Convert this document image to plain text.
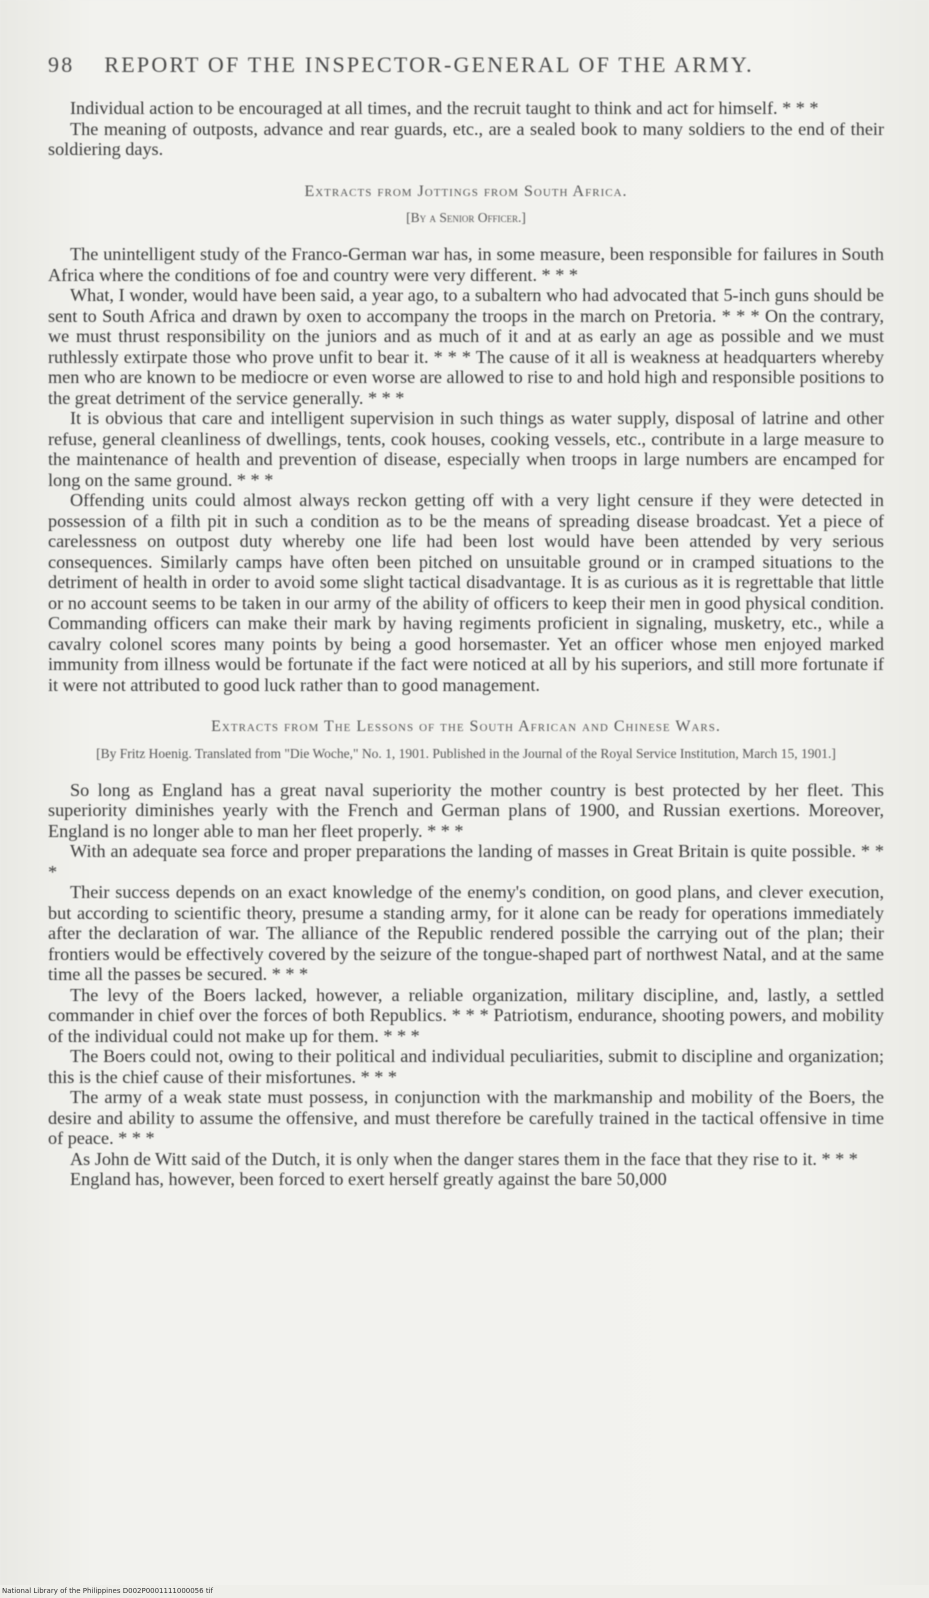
98 REPORT OF THE INSPECTOR-GENERAL OF THE ARMY.

Individual action to be encouraged at all times, and the recruit taught to think and act for himself. * * *

The meaning of outposts, advance and rear guards, etc., are a sealed book to many soldiers to the end of their soldiering days.

Extracts from Jottings from South Africa.
[By a Senior Officer.]

The unintelligent study of the Franco-German war has, in some measure, been responsible for failures in South Africa where the conditions of foe and country were very different. * * *

What, I wonder, would have been said, a year ago, to a subaltern who had advocated that 5-inch guns should be sent to South Africa and drawn by oxen to accompany the troops in the march on Pretoria. * * * On the contrary, we must thrust responsibility on the juniors and as much of it and at as early an age as possible and we must ruthlessly extirpate those who prove unfit to bear it. * * * The cause of it all is weakness at headquarters whereby men who are known to be mediocre or even worse are allowed to rise to and hold high and responsible positions to the great detriment of the service generally. * * *

It is obvious that care and intelligent supervision in such things as water supply, disposal of latrine and other refuse, general cleanliness of dwellings, tents, cook houses, cooking vessels, etc., contribute in a large measure to the maintenance of health and prevention of disease, especially when troops in large numbers are encamped for long on the same ground. * * *

Offending units could almost always reckon getting off with a very light censure if they were detected in possession of a filth pit in such a condition as to be the means of spreading disease broadcast. Yet a piece of carelessness on outpost duty whereby one life had been lost would have been attended by very serious consequences. Similarly camps have often been pitched on unsuitable ground or in cramped situations to the detriment of health in order to avoid some slight tactical disadvantage. It is as curious as it is regrettable that little or no account seems to be taken in our army of the ability of officers to keep their men in good physical condition. Commanding officers can make their mark by having regiments proficient in signaling, musketry, etc., while a cavalry colonel scores many points by being a good horsemaster. Yet an officer whose men enjoyed marked immunity from illness would be fortunate if the fact were noticed at all by his superiors, and still more fortunate if it were not attributed to good luck rather than to good management.

Extracts from The Lessons of the South African and Chinese Wars.
[By Fritz Hoenig. Translated from "Die Woche," No. 1, 1901. Published in the Journal of the Royal Service Institution, March 15, 1901.]

So long as England has a great naval superiority the mother country is best protected by her fleet. This superiority diminishes yearly with the French and German plans of 1900, and Russian exertions. Moreover, England is no longer able to man her fleet properly. * * *

With an adequate sea force and proper preparations the landing of masses in Great Britain is quite possible. * * *

Their success depends on an exact knowledge of the enemy's condition, on good plans, and clever execution, but according to scientific theory, presume a standing army, for it alone can be ready for operations immediately after the declaration of war. The alliance of the Republic rendered possible the carrying out of the plan; their frontiers would be effectively covered by the seizure of the tongue-shaped part of northwest Natal, and at the same time all the passes be secured. * * *

The levy of the Boers lacked, however, a reliable organization, military discipline, and, lastly, a settled commander in chief over the forces of both Republics. * * * Patriotism, endurance, shooting powers, and mobility of the individual could not make up for them. * * *

The Boers could not, owing to their political and individual peculiarities, submit to discipline and organization; this is the chief cause of their misfortunes. * * *

The army of a weak state must possess, in conjunction with the markmanship and mobility of the Boers, the desire and ability to assume the offensive, and must therefore be carefully trained in the tactical offensive in time of peace. * * *

As John de Witt said of the Dutch, it is only when the danger stares them in the face that they rise to it. * * *

England has, however, been forced to exert herself greatly against the bare 50,000

National Library of the Philippines D002P0001111000056 tif
